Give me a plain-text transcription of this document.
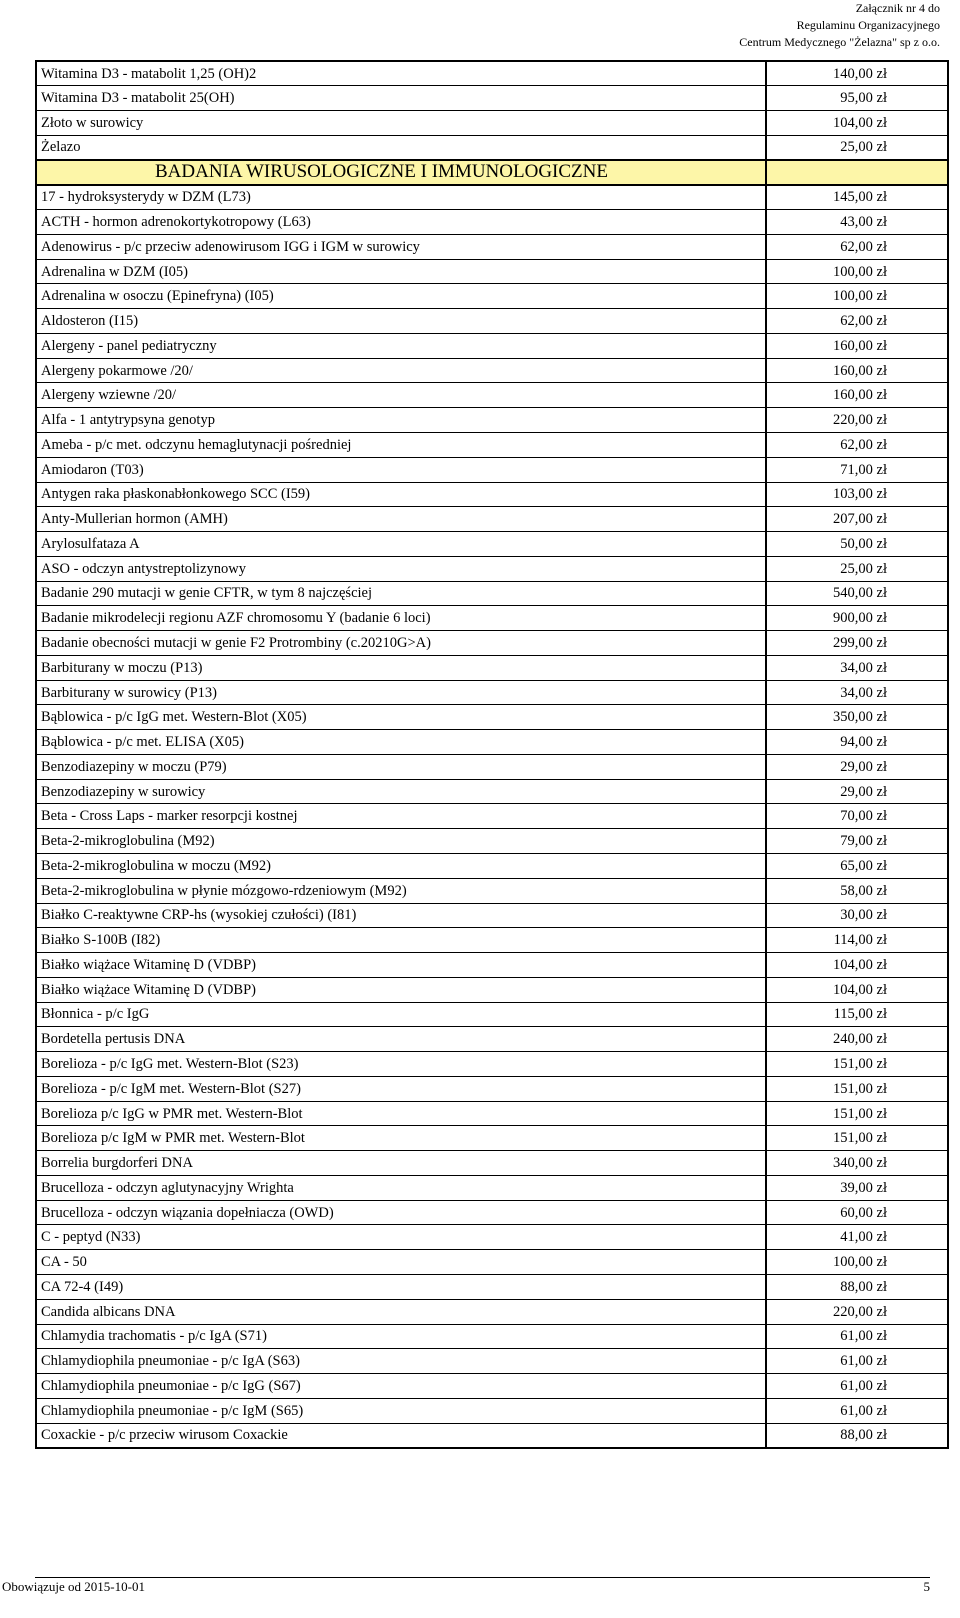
Załącznik nr 4 do
Regulaminu Organizacyjnego
Centrum Medycznego "Żelazna" sp z o.o.
Witamina D3 - matabolit 1,25 (OH)2	140,00 zł
Witamina D3 - matabolit 25(OH)	95,00 zł
Złoto w surowicy	104,00 zł
Żelazo	25,00 zł
BADANIA WIRUSOLOGICZNE I IMMUNOLOGICZNE	
17 - hydroksysterydy w DZM (L73)	145,00 zł
ACTH - hormon adrenokortykotropowy (L63)	43,00 zł
Adenowirus - p/c przeciw adenowirusom IGG i IGM w surowicy	62,00 zł
Adrenalina w DZM (I05)	100,00 zł
Adrenalina w osoczu (Epinefryna) (I05)	100,00 zł
Aldosteron (I15)	62,00 zł
Alergeny - panel pediatryczny	160,00 zł
Alergeny pokarmowe /20/	160,00 zł
Alergeny wziewne /20/	160,00 zł
Alfa - 1 antytrypsyna genotyp	220,00 zł
Ameba - p/c met. odczynu hemaglutynacji pośredniej	62,00 zł
Amiodaron (T03)	71,00 zł
Antygen raka płaskonabłonkowego SCC (I59)	103,00 zł
Anty-Mullerian hormon (AMH)	207,00 zł
Arylosulfataza A	50,00 zł
ASO - odczyn antystreptolizynowy	25,00 zł
Badanie 290 mutacji w genie CFTR, w tym 8 najczęściej	540,00 zł
Badanie mikrodelecji regionu AZF chromosomu Y (badanie 6 loci)	900,00 zł
Badanie obecności mutacji w genie F2 Protrombiny (c.20210G>A)	299,00 zł
Barbiturany w moczu (P13)	34,00 zł
Barbiturany w surowicy (P13)	34,00 zł
Bąblowica - p/c IgG met. Western-Blot (X05)	350,00 zł
Bąblowica - p/c met. ELISA (X05)	94,00 zł
Benzodiazepiny w moczu (P79)	29,00 zł
Benzodiazepiny w surowicy	29,00 zł
Beta - Cross Laps - marker resorpcji kostnej	70,00 zł
Beta-2-mikroglobulina (M92)	79,00 zł
Beta-2-mikroglobulina w moczu (M92)	65,00 zł
Beta-2-mikroglobulina w płynie mózgowo-rdzeniowym (M92)	58,00 zł
Białko C-reaktywne CRP-hs (wysokiej czułości) (I81)	30,00 zł
Białko S-100B (I82)	114,00 zł
Białko wiążace Witaminę D (VDBP)	104,00 zł
Białko wiążace Witaminę D (VDBP)	104,00 zł
Błonnica - p/c IgG	115,00 zł
Bordetella pertusis DNA	240,00 zł
Borelioza - p/c IgG met. Western-Blot (S23)	151,00 zł
Borelioza - p/c IgM met. Western-Blot (S27)	151,00 zł
Borelioza p/c IgG w PMR met. Western-Blot	151,00 zł
Borelioza p/c IgM w PMR met. Western-Blot	151,00 zł
Borrelia burgdorferi DNA	340,00 zł
Brucelloza - odczyn aglutynacyjny Wrighta	39,00 zł
Brucelloza - odczyn wiązania dopełniacza (OWD)	60,00 zł
C - peptyd (N33)	41,00 zł
CA - 50	100,00 zł
CA 72-4 (I49)	88,00 zł
Candida albicans DNA	220,00 zł
Chlamydia trachomatis - p/c IgA (S71)	61,00 zł
Chlamydiophila pneumoniae - p/c IgA (S63)	61,00 zł
Chlamydiophila pneumoniae - p/c IgG (S67)	61,00 zł
Chlamydiophila pneumoniae - p/c IgM (S65)	61,00 zł
Coxackie - p/c przeciw wirusom Coxackie	88,00 zł
Obowiązuje od 2015-10-01	5
